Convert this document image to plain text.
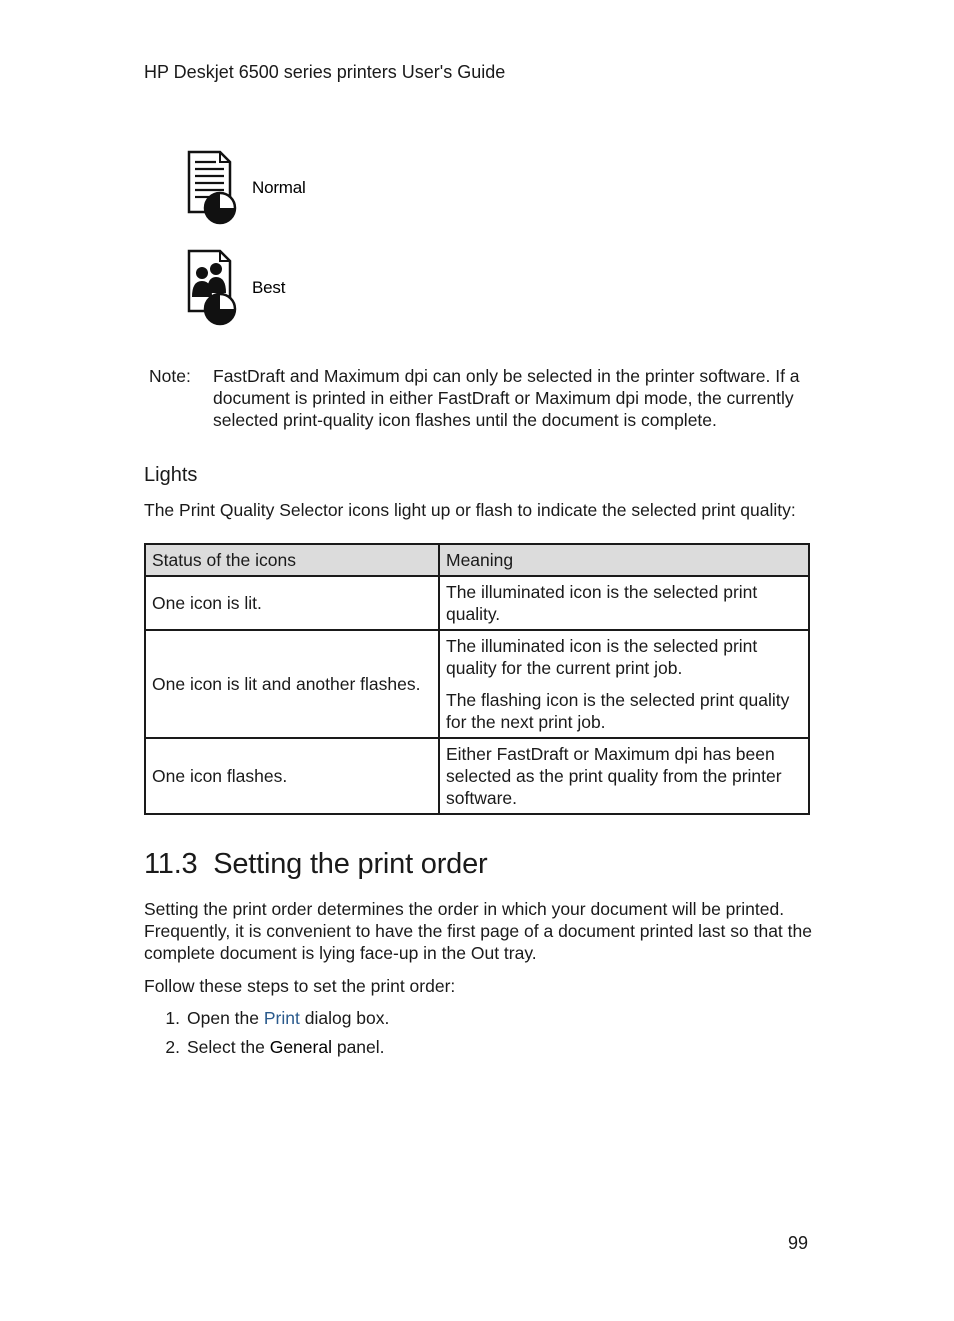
HP Deskjet 6500 series printers User's Guide
Normal
Best
Note:	FastDraft and Maximum dpi can only be selected in the printer software. If a document is printed in either FastDraft or Maximum dpi mode, the currently selected print-quality icon flashes until the document is complete.
Lights
The Print Quality Selector icons light up or flash to indicate the selected print quality:
Status of the icons	Meaning
One icon is lit.	The illuminated icon is the selected print quality.

One icon is lit and another flashes.	The illuminated icon is the selected print quality for the current print job.

The flashing icon is the selected print quality for the next print job.

One icon flashes.	Either FastDraft or Maximum dpi has been selected as the print quality from the printer software.

11.3  Setting the print order
Setting the print order determines the order in which your document will be printed. Frequently, it is convenient to have the first page of a document printed last so that the complete document is lying face-up in the Out tray.
Follow these steps to set the print order:
1. Open the Print dialog box.
2. Select the General panel.
99
